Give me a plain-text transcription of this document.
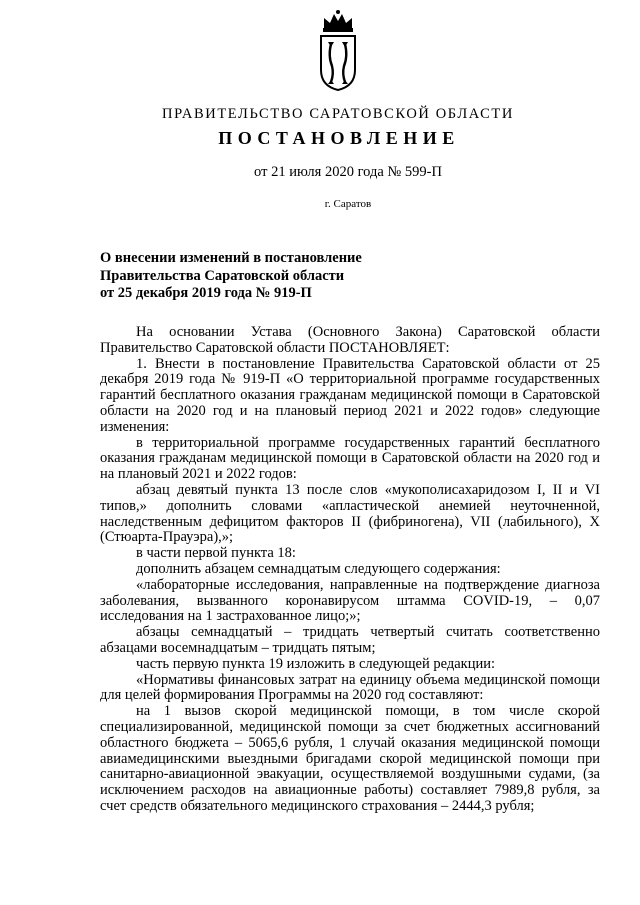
ПРАВИТЕЛЬСТВО САРАТОВСКОЙ ОБЛАСТИ
ПОСТАНОВЛЕНИЕ
от 21 июля 2020 года № 599-П
г. Саратов
О внесении изменений в постановление
Правительства Саратовской области
от 25 декабря 2019 года № 919-П

На основании Устава (Основного Закона) Саратовской области Правительство Саратовской области ПОСТАНОВЛЯЕТ:

1. Внести в постановление Правительства Саратовской области от 25 декабря 2019 года № 919-П «О территориальной программе государственных гарантий бесплатного оказания гражданам медицинской помощи в Саратовской области на 2020 год и на плановый период 2021 и 2022 годов» следующие изменения:

в территориальной программе государственных гарантий бесплатного оказания гражданам медицинской помощи в Саратовской области на 2020 год и на плановый 2021 и 2022 годов:

абзац девятый пункта 13 после слов «мукополисахаридозом I, II и VI типов,» дополнить словами «апластической анемией неуточненной, наследственным дефицитом факторов II (фибриногена), VII (лабильного), X (Стюарта-Прауэра),»;

в части первой пункта 18:

дополнить абзацем семнадцатым следующего содержания:

«лабораторные исследования, направленные на подтверждение диагноза заболевания, вызванного коронавирусом штамма COVID-19, – 0,07 исследования на 1 застрахованное лицо;»;

абзацы семнадцатый – тридцать четвертый считать соответственно абзацами восемнадцатым – тридцать пятым;

часть первую пункта 19 изложить в следующей редакции:

«Нормативы финансовых затрат на единицу объема медицинской помощи для целей формирования Программы на 2020 год составляют:

на 1 вызов скорой медицинской помощи, в том числе скорой специализированной, медицинской помощи за счет бюджетных ассигнований областного бюджета – 5065,6 рубля, 1 случай оказания медицинской помощи авиамедицинскими выездными бригадами скорой медицинской помощи при санитарно-авиационной эвакуации, осуществляемой воздушными судами, (за исключением расходов на авиационные работы) составляет 7989,8 рубля, за счет средств обязательного медицинского страхования – 2444,3 рубля;
